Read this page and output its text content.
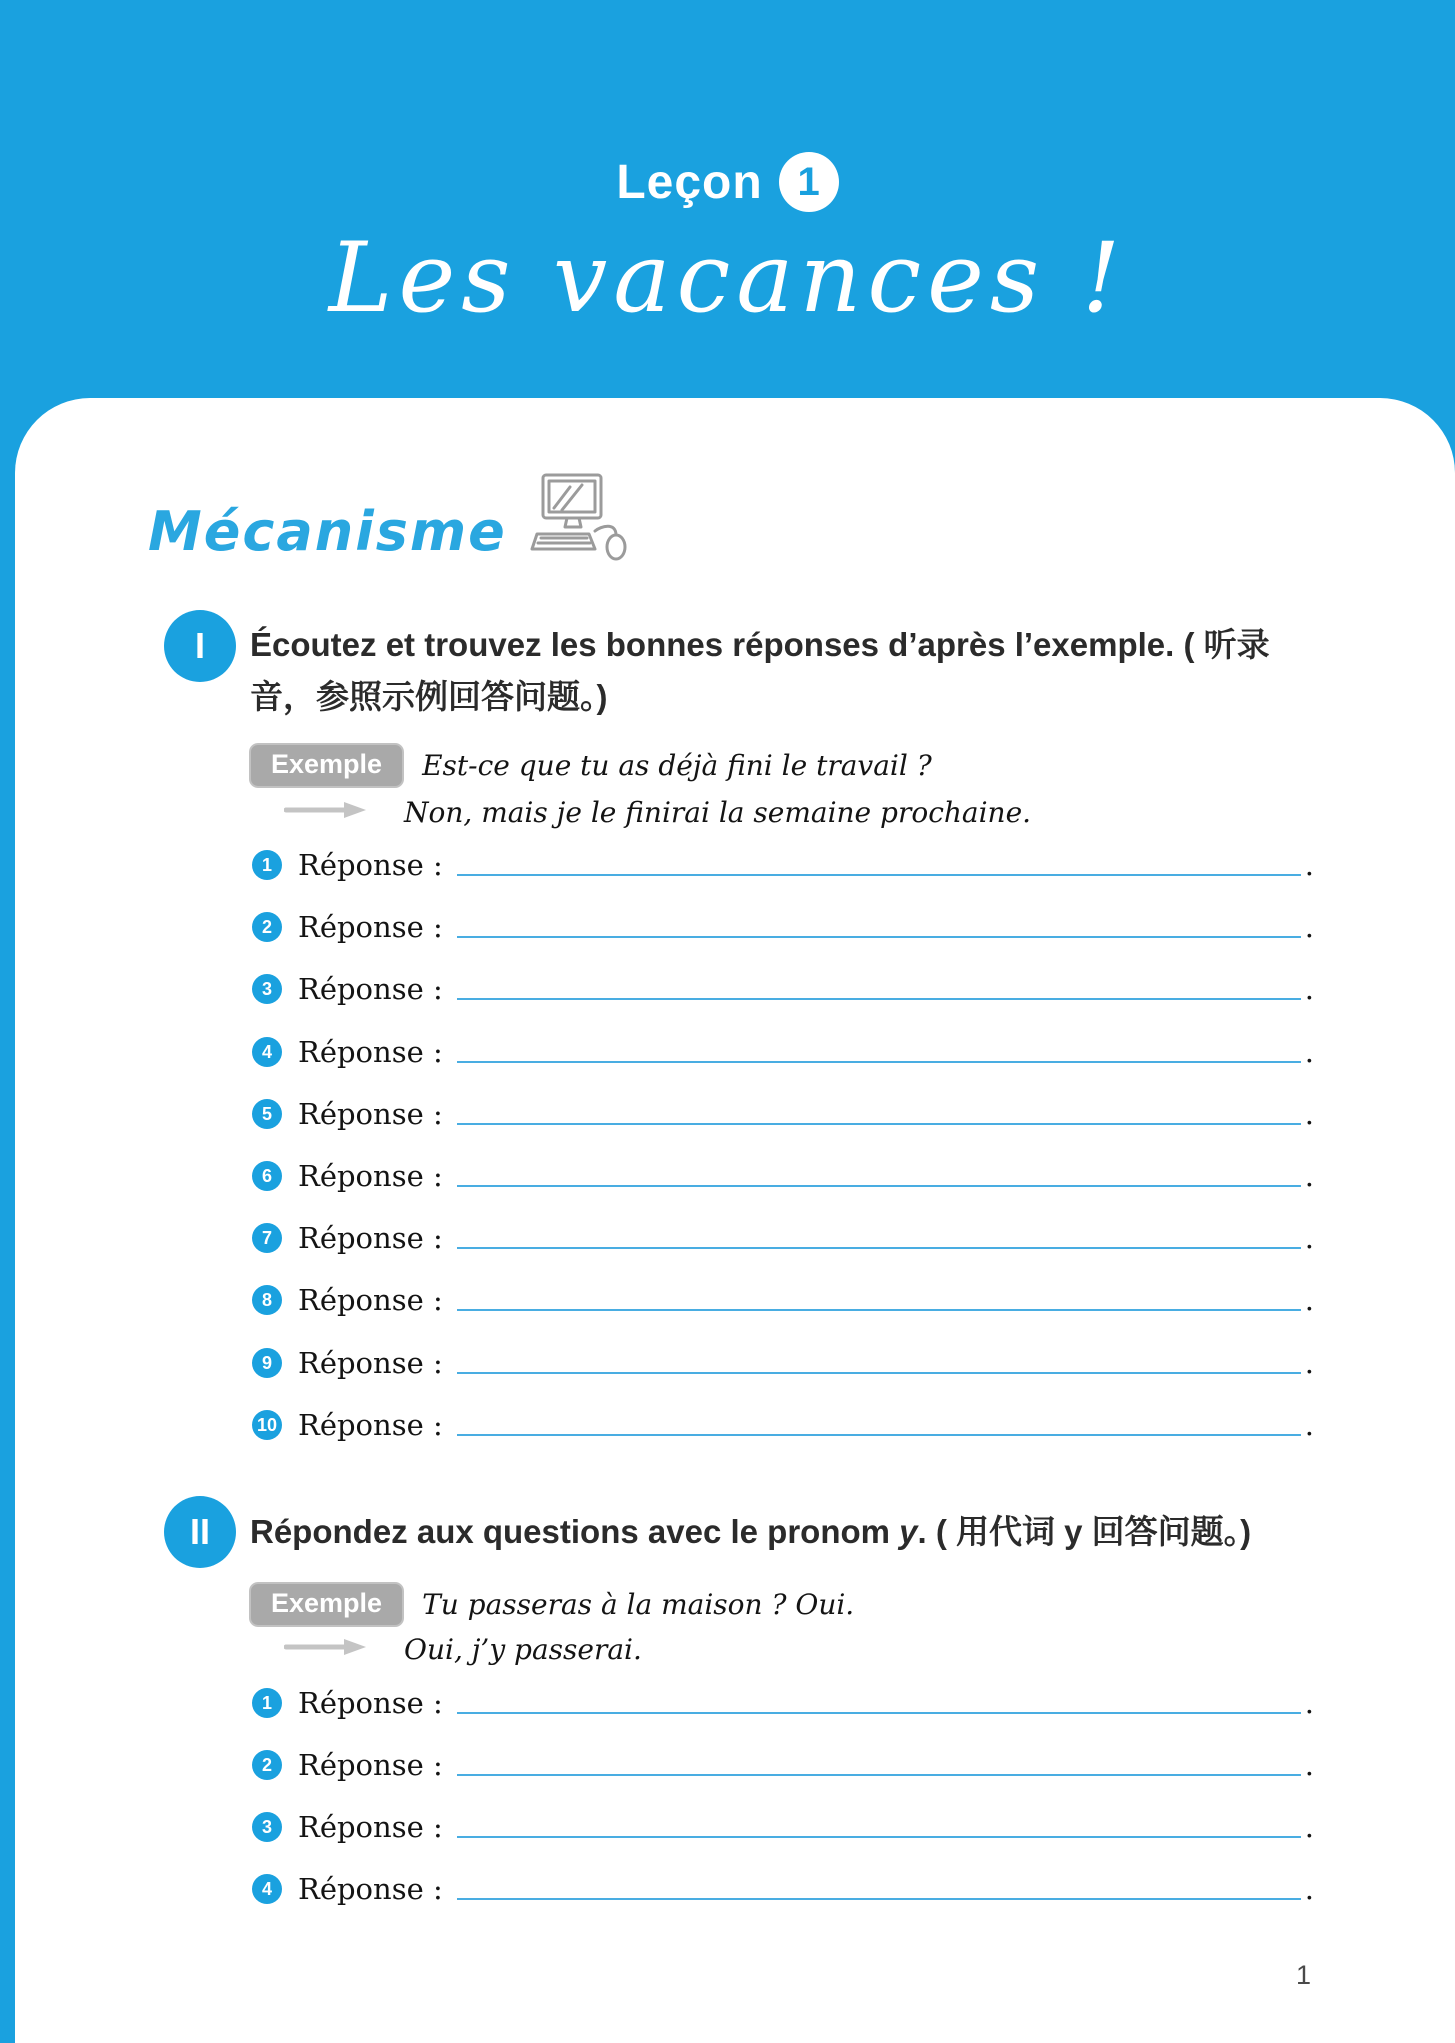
Leçon 1
Les vacances !
Mécanisme
I	Écoutez et trouvez les bonnes réponses d’après l’exemple. ( 听录音，参照示例回答问题。)
Exemple	Est-ce que tu as déjà fini le travail ?
Non, mais je le finirai la semaine prochaine.
1 Réponse :	.
2 Réponse :	.
3 Réponse :	.
4 Réponse :	.
5 Réponse :	.
6 Réponse :	.
7 Réponse :	.
8 Réponse :	.
9 Réponse :	.
10 Réponse :	.
II	Répondez aux questions avec le pronom y. ( 用代词 y 回答问题。)
Exemple	Tu passeras à la maison ? Oui.
Oui, j’y passerai.
1 Réponse :	.
2 Réponse :	.
3 Réponse :	.
4 Réponse :	.
1
